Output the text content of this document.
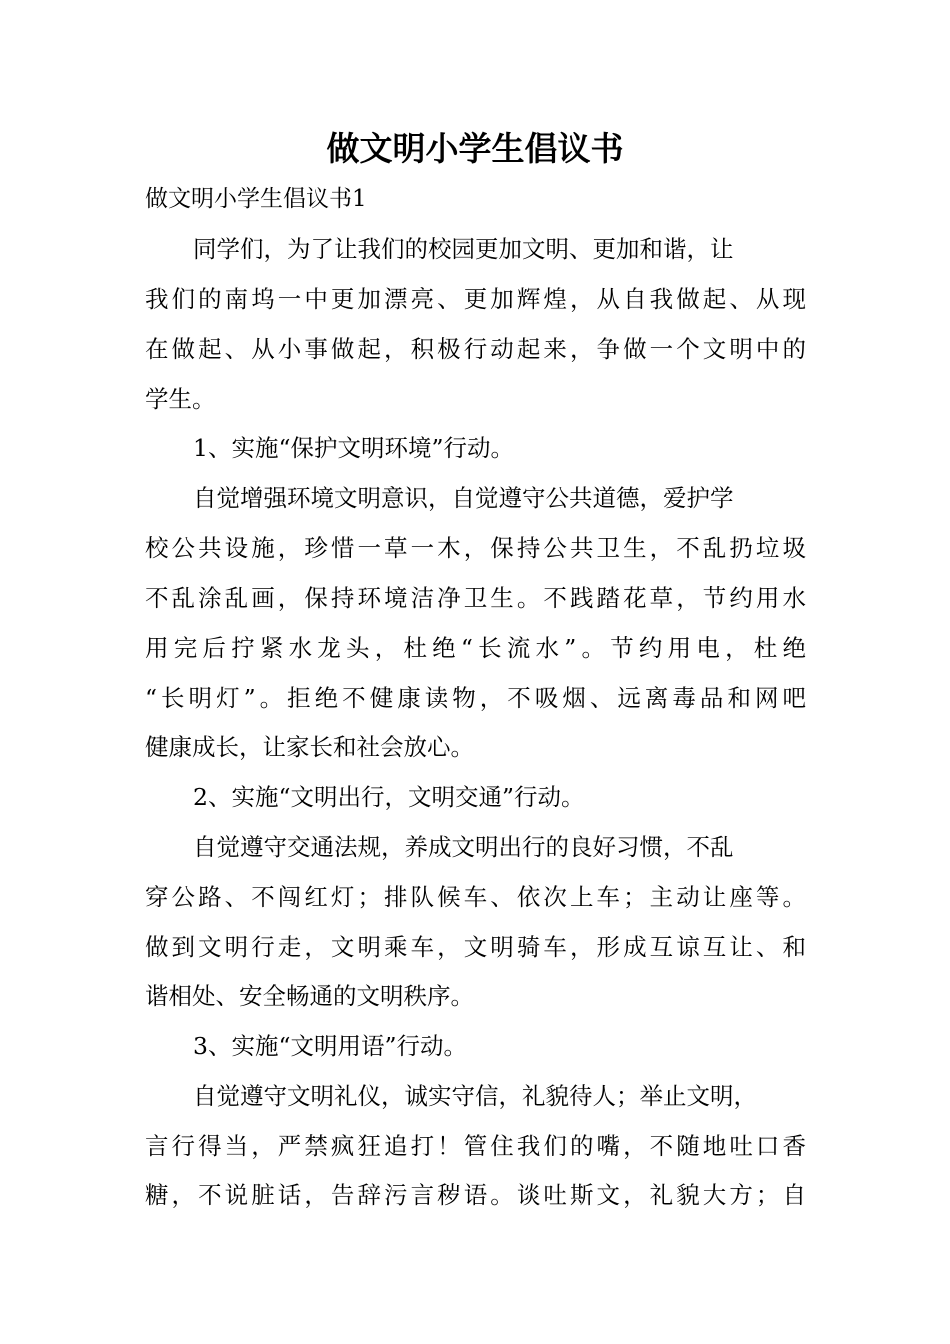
做文明小学生倡议书
做文明小学生倡议书1
同学们，为了让我们的校园更加文明、更加和谐，让
我们的南坞一中更加漂亮、更加辉煌，从自我做起、从现
在做起、从小事做起，积极行动起来，争做一个文明中的
学生。
1、实施“保护文明环境”行动。
自觉增强环境文明意识，自觉遵守公共道德，爱护学
校公共设施，珍惜一草一木，保持公共卫生，不乱扔垃圾
不乱涂乱画，保持环境洁净卫生。不践踏花草，节约用水
用完后拧紧水龙头，杜绝“长流水”。节约用电，杜绝
“长明灯”。拒绝不健康读物，不吸烟、远离毒品和网吧
健康成长，让家长和社会放心。
2、实施“文明出行，文明交通”行动。
自觉遵守交通法规，养成文明出行的良好习惯，不乱
穿公路、不闯红灯；排队候车、依次上车；主动让座等。
做到文明行走，文明乘车，文明骑车，形成互谅互让、和
谐相处、安全畅通的文明秩序。
3、实施“文明用语”行动。
自觉遵守文明礼仪，诚实守信，礼貌待人；举止文明，
言行得当，严禁疯狂追打！管住我们的嘴，不随地吐口香
糖，不说脏话，告辞污言秽语。谈吐斯文，礼貌大方；自
